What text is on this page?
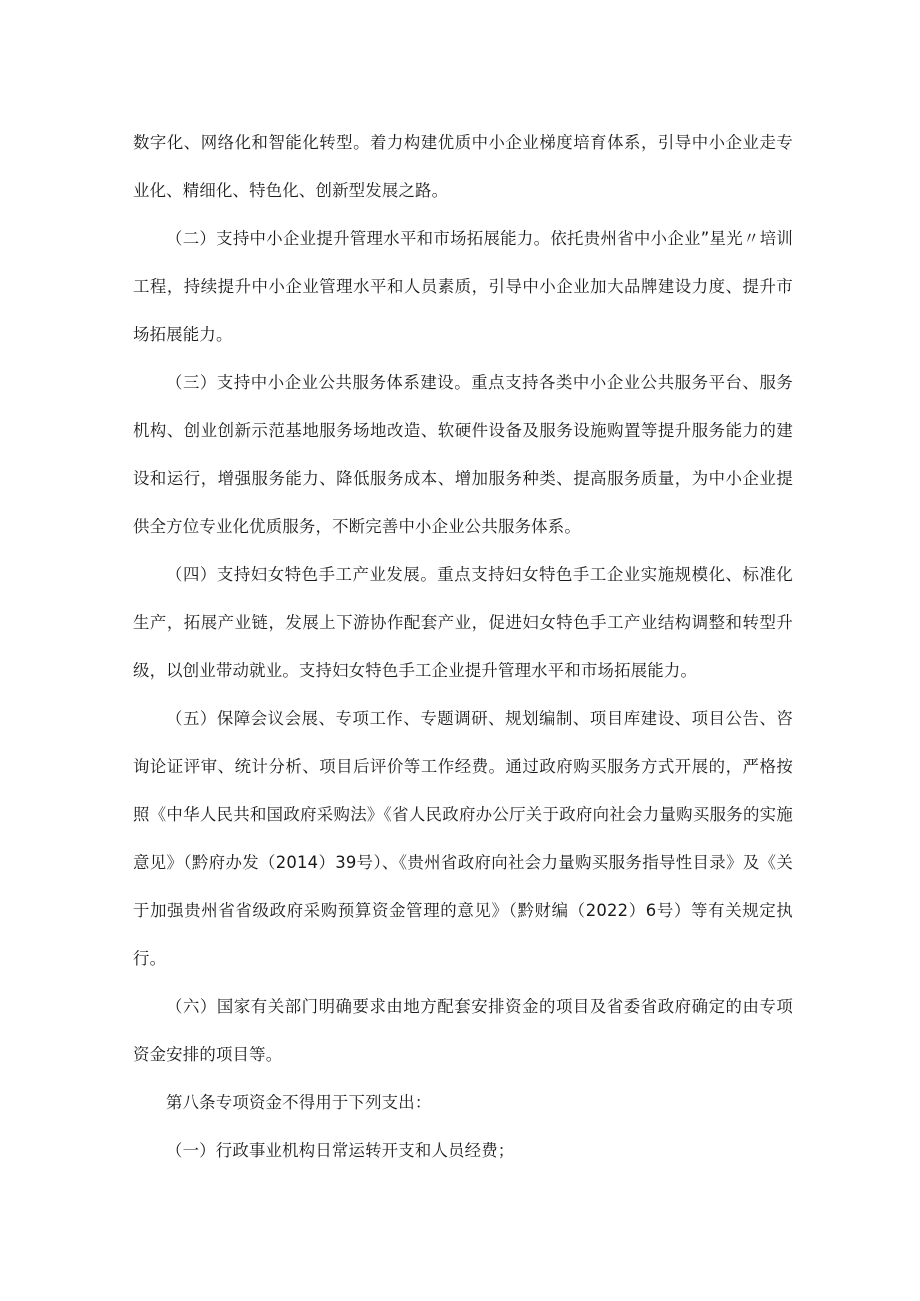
数字化、网络化和智能化转型。着力构建优质中小企业梯度培育体系，引导中小企业走专业化、精细化、特色化、创新型发展之路。

（二）支持中小企业提升管理水平和市场拓展能力。依托贵州省中小企业”星光〃培训工程，持续提升中小企业管理水平和人员素质，引导中小企业加大品牌建设力度、提升市场拓展能力。

（三）支持中小企业公共服务体系建设。重点支持各类中小企业公共服务平台、服务机构、创业创新示范基地服务场地改造、软硬件设备及服务设施购置等提升服务能力的建设和运行，增强服务能力、降低服务成本、增加服务种类、提高服务质量，为中小企业提供全方位专业化优质服务，不断完善中小企业公共服务体系。

（四）支持妇女特色手工产业发展。重点支持妇女特色手工企业实施规模化、标准化生产，拓展产业链，发展上下游协作配套产业，促进妇女特色手工产业结构调整和转型升级，以创业带动就业。支持妇女特色手工企业提升管理水平和市场拓展能力。

（五）保障会议会展、专项工作、专题调研、规划编制、项目库建设、项目公告、咨询论证评审、统计分析、项目后评价等工作经费。通过政府购买服务方式开展的，严格按照《中华人民共和国政府采购法》《省人民政府办公厅关于政府向社会力量购买服务的实施意见》（黔府办发（2014）39号）、《贵州省政府向社会力量购买服务指导性目录》及《关于加强贵州省省级政府采购预算资金管理的意见》（黔财编（2022）6号）等有关规定执行。

（六）国家有关部门明确要求由地方配套安排资金的项目及省委省政府确定的由专项资金安排的项目等。

第八条专项资金不得用于下列支出：

（一）行政事业机构日常运转开支和人员经费；
